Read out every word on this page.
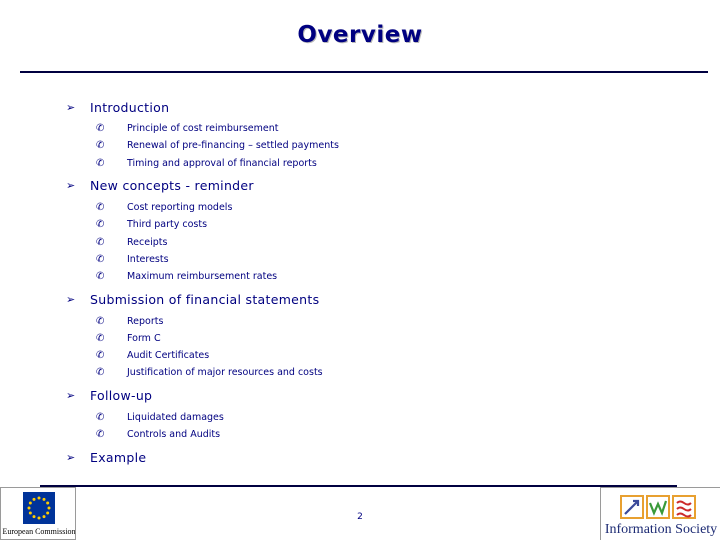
Overview
➢	Introduction
✆	Principle of cost reimbursement
✆	Renewal of pre-financing – settled payments
✆	Timing and approval of financial reports
➢	New concepts - reminder
✆	Cost reporting models
✆	Third party costs
✆	Receipts
✆	Interests
✆	Maximum reimbursement rates
➢	Submission of financial statements
✆	Reports
✆	Form C
✆	Audit Certificates
✆	Justification of major resources and costs
➢	Follow-up
✆	Liquidated damages
✆	Controls and Audits
➢	Example
2
European Commission	Information Society
